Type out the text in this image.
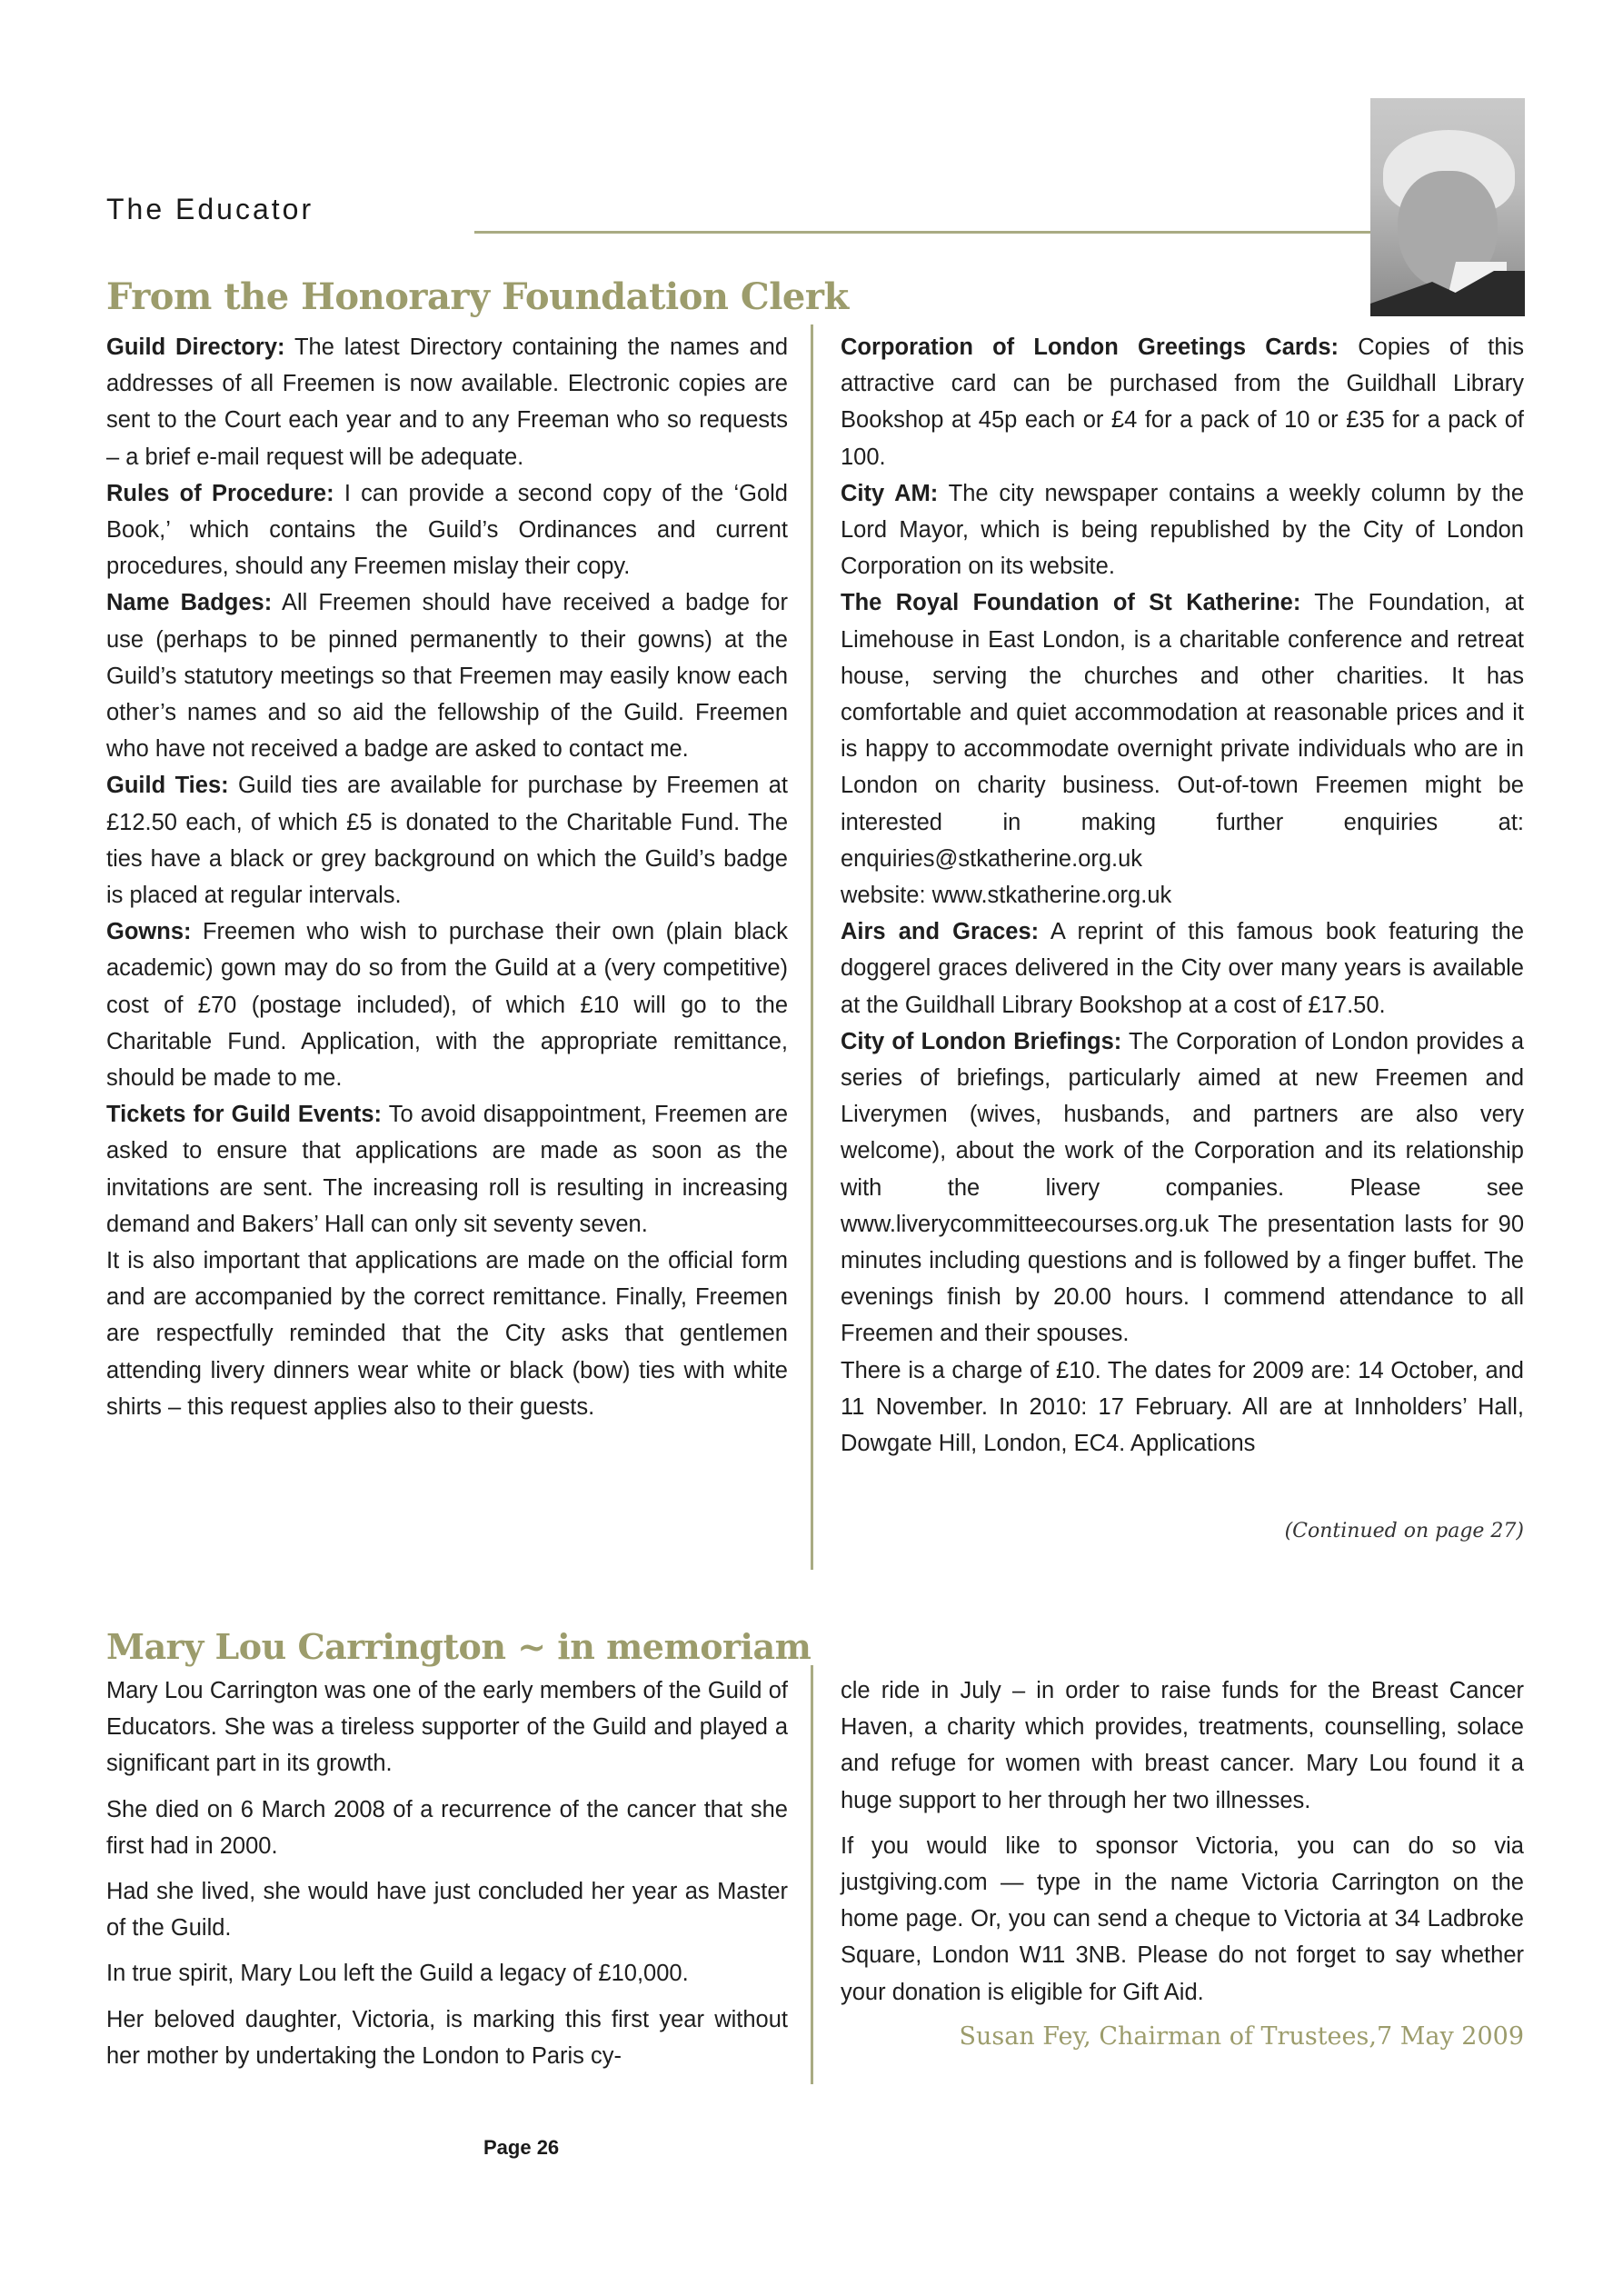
The Educator
From the Honorary Foundation Clerk

Guild Directory: The latest Directory containing the names and addresses of all Freemen is now available. Electronic copies are sent to the Court each year and to any Freeman who so requests – a brief e-mail request will be adequate.

Rules of Procedure: I can provide a second copy of the ‘Gold Book,’ which contains the Guild’s Ordinances and current procedures, should any Freemen mislay their copy.

Name Badges: All Freemen should have received a badge for use (perhaps to be pinned permanently to their gowns) at the Guild’s statutory meetings so that Freemen may easily know each other’s names and so aid the fellowship of the Guild. Freemen who have not received a badge are asked to contact me.

Guild Ties: Guild ties are available for purchase by Freemen at £12.50 each, of which £5 is donated to the Charitable Fund. The ties have a black or grey background on which the Guild’s badge is placed at regular intervals.

Gowns: Freemen who wish to purchase their own (plain black academic) gown may do so from the Guild at a (very competitive) cost of £70 (postage included), of which £10 will go to the Charitable Fund. Application, with the appropriate remittance, should be made to me.

Tickets for Guild Events: To avoid disappointment, Freemen are asked to ensure that applications are made as soon as the invitations are sent. The increasing roll is resulting in increasing demand and Bakers’ Hall can only sit seventy seven.

It is also important that applications are made on the official form and are accompanied by the correct remittance. Finally, Freemen are respectfully reminded that the City asks that gentlemen attending livery dinners wear white or black (bow) ties with white shirts – this request applies also to their guests.

Corporation of London Greetings Cards: Copies of this attractive card can be purchased from the Guildhall Library Bookshop at 45p each or £4 for a pack of 10 or £35 for a pack of 100.

City AM: The city newspaper contains a weekly column by the Lord Mayor, which is being republished by the City of London Corporation on its website.

The Royal Foundation of St Katherine: The Foundation, at Limehouse in East London, is a charitable conference and retreat house, serving the churches and other charities. It has comfortable and quiet accommodation at reasonable prices and it is happy to accommodate overnight private individuals who are in London on charity business. Out-of-town Freemen might be interested in making further enquiries at: enquiries@stkatherine.org.uk

website: www.stkatherine.org.uk

Airs and Graces: A reprint of this famous book featuring the doggerel graces delivered in the City over many years is available at the Guildhall Library Bookshop at a cost of £17.50.

City of London Briefings: The Corporation of London provides a series of briefings, particularly aimed at new Freemen and Liverymen (wives, husbands, and partners are also very welcome), about the work of the Corporation and its relationship with the livery companies. Please see www.liverycommitteecourses.org.uk The presentation lasts for 90 minutes including questions and is followed by a finger buffet. The evenings finish by 20.00 hours. I commend attendance to all Freemen and their spouses.

There is a charge of £10. The dates for 2009 are: 14 October, and 11 November. In 2010: 17 February. All are at Innholders’ Hall, Dowgate Hill, London, EC4. Applications

(Continued on page 27)
Mary Lou Carrington ~ in memoriam

Mary Lou Carrington was one of the early members of the Guild of Educators. She was a tireless supporter of the Guild and played a significant part in its growth.

She died on 6 March 2008 of a recurrence of the cancer that she first had in 2000.

Had she lived, she would have just concluded her year as Master of the Guild.

In true spirit, Mary Lou left the Guild a legacy of £10,000.

Her beloved daughter, Victoria, is marking this first year without her mother by undertaking the London to Paris cy-

cle ride in July – in order to raise funds for the Breast Cancer Haven, a charity which provides, treatments, counselling, solace and refuge for women with breast cancer. Mary Lou found it a huge support to her through her two illnesses.

If you would like to sponsor Victoria, you can do so via justgiving.com — type in the name Victoria Carrington on the home page. Or, you can send a cheque to Victoria at 34 Ladbroke Square, London W11 3NB. Please do not forget to say whether your donation is eligible for Gift Aid.

Susan Fey, Chairman of Trustees,7 May 2009
Page 26
